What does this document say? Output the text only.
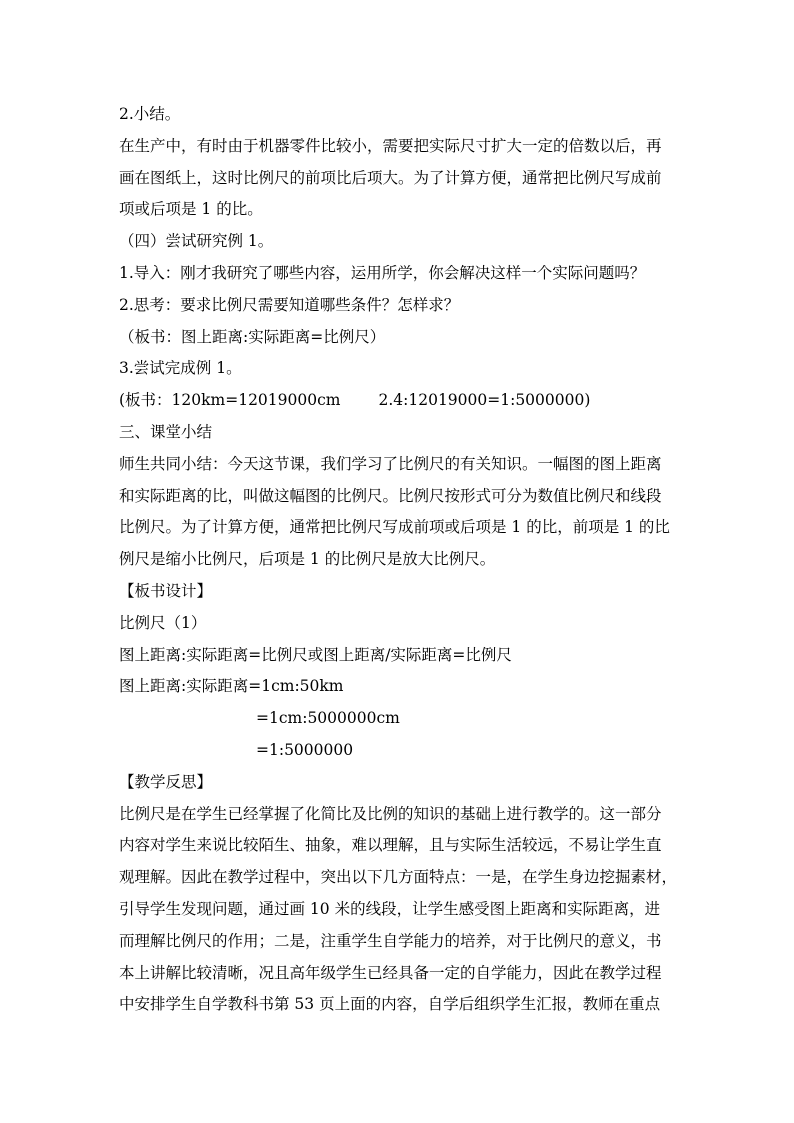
2.小结。
在生产中，有时由于机器零件比较小，需要把实际尺寸扩大一定的倍数以后，再
画在图纸上，这时比例尺的前项比后项大。为了计算方便，通常把比例尺写成前
项或后项是 1 的比。
（四）尝试研究例 1。
1.导入：刚才我研究了哪些内容，运用所学，你会解决这样一个实际问题吗？
2.思考：要求比例尺需要知道哪些条件？怎样求？
（板书：图上距离:实际距离=比例尺）
3.尝试完成例 1。
(板书：120km=12019000cm 2.4:12019000=1:5000000)
三、课堂小结
师生共同小结：今天这节课，我们学习了比例尺的有关知识。一幅图的图上距离
和实际距离的比，叫做这幅图的比例尺。比例尺按形式可分为数值比例尺和线段
比例尺。为了计算方便，通常把比例尺写成前项或后项是 1 的比，前项是 1 的比
例尺是缩小比例尺，后项是 1 的比例尺是放大比例尺。
【板书设计】
比例尺（1）
图上距离:实际距离=比例尺或图上距离/实际距离=比例尺
图上距离:实际距离=1cm:50km
=1cm:5000000cm
=1:5000000
【教学反思】
比例尺是在学生已经掌握了化简比及比例的知识的基础上进行教学的。这一部分
内容对学生来说比较陌生、抽象，难以理解，且与实际生活较远，不易让学生直
观理解。因此在教学过程中，突出以下几方面特点：一是，在学生身边挖掘素材，
引导学生发现问题，通过画 10 米的线段，让学生感受图上距离和实际距离，进
而理解比例尺的作用；二是，注重学生自学能力的培养，对于比例尺的意义，书
本上讲解比较清晰，况且高年级学生已经具备一定的自学能力，因此在教学过程
中安排学生自学教科书第 53 页上面的内容，自学后组织学生汇报，教师在重点
